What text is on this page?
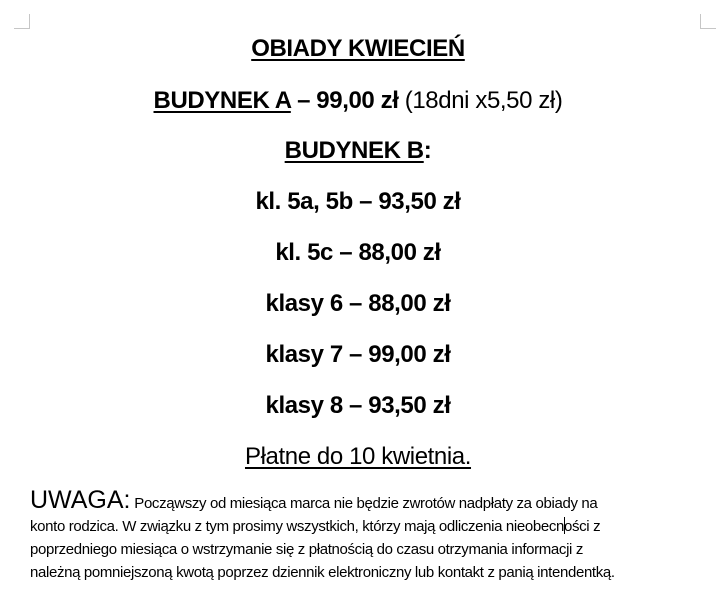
OBIADY KWIECIEŃ
BUDYNEK A – 99,00 zł (18dni x5,50 zł)
BUDYNEK B:
kl. 5a, 5b – 93,50 zł
kl. 5c – 88,00 zł
klasy 6 – 88,00 zł
klasy 7 – 99,00 zł
klasy 8 – 93,50 zł
Płatne do 10 kwietnia.
UWAGA: Począwszy od miesiąca marca nie będzie zwrotów nadpłaty za obiady na
konto rodzica. W związku z tym prosimy wszystkich, którzy mają odliczenia nieobecności z
poprzedniego miesiąca o wstrzymanie się z płatnością do czasu otrzymania informacji z
należną pomniejszoną kwotą poprzez dziennik elektroniczny lub kontakt z panią intendentką.
